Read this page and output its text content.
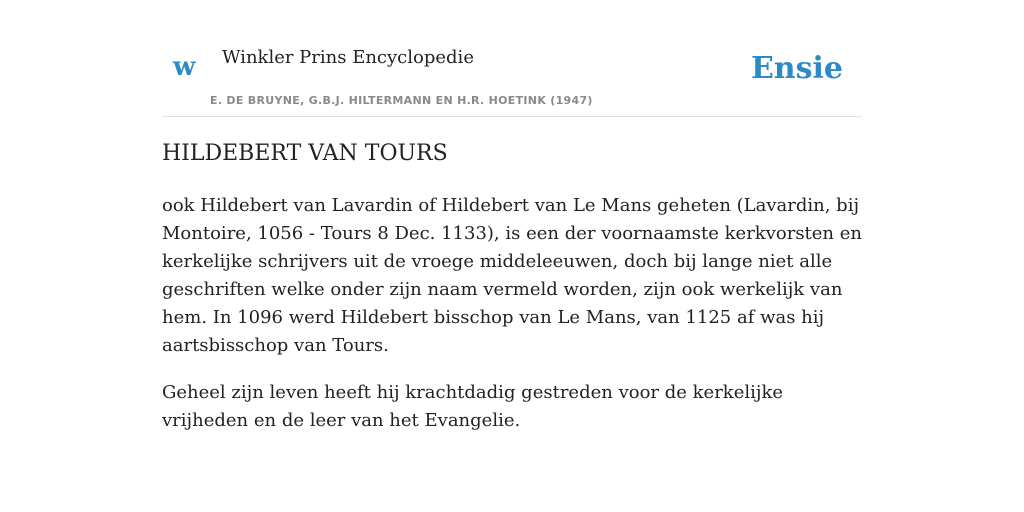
w Winkler Prins Encyclopedie
E. DE BRUYNE, G.B.J. HILTERMANN EN H.R. HOETINK (1947)
Ensie
HILDEBERT VAN TOURS

ook Hildebert van Lavardin of Hildebert van Le Mans geheten (Lavardin, bij Montoire, 1056 - Tours 8 Dec. 1133), is een der voornaamste kerkvorsten en kerkelijke schrijvers uit de vroege middeleeuwen, doch bij lange niet alle geschriften welke onder zijn naam vermeld worden, zijn ook werkelijk van hem. In 1096 werd Hildebert bisschop van Le Mans, van 1125 af was hij aartsbisschop van Tours.

Geheel zijn leven heeft hij krachtdadig gestreden voor de kerkelijke vrijheden en de leer van het Evangelie.
